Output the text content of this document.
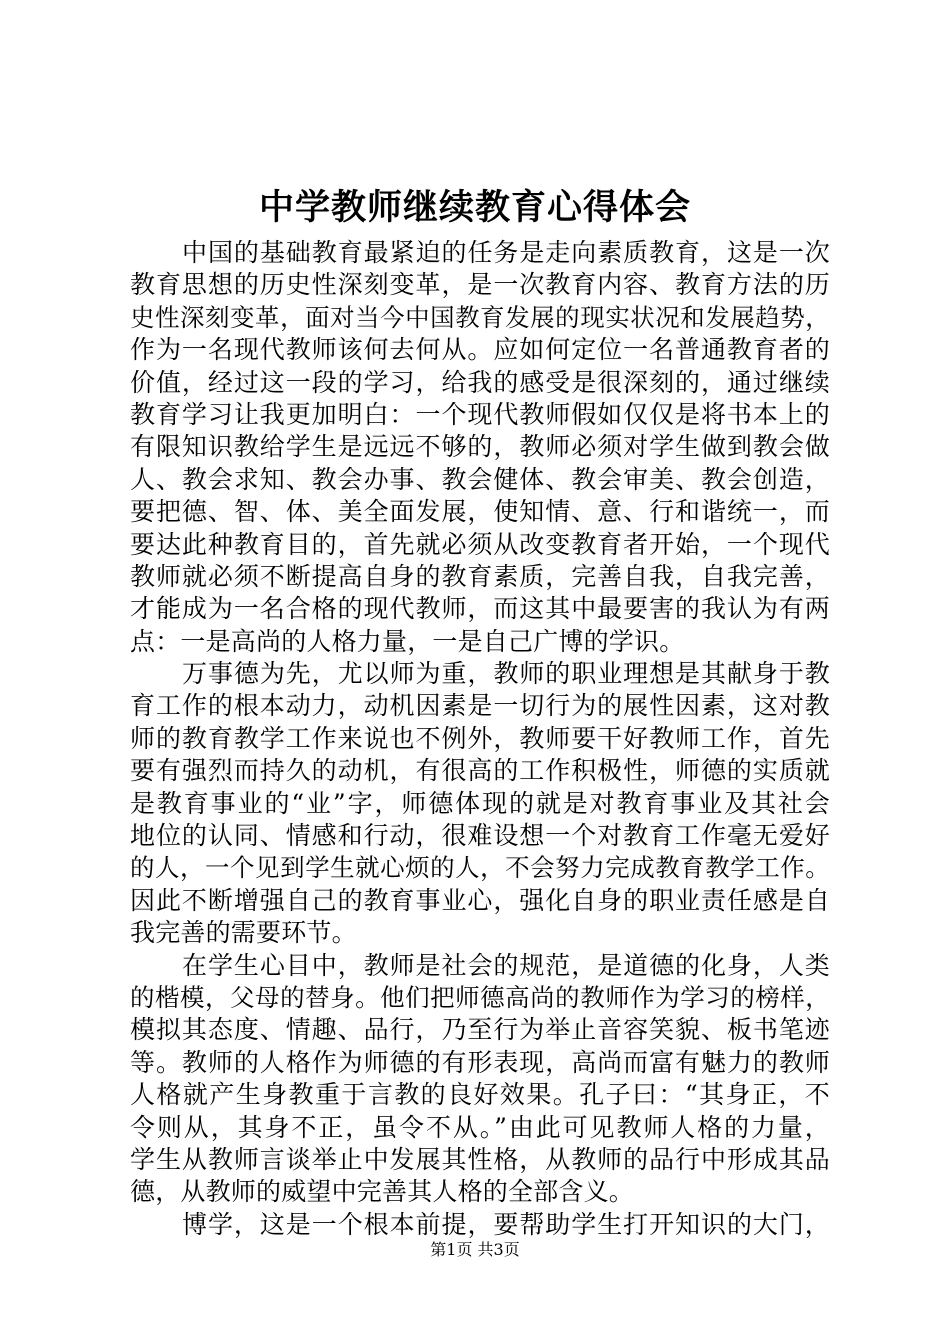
中学教师继续教育心得体会
中国的基础教育最紧迫的任务是走向素质教育，这是一次
教育思想的历史性深刻变革，是一次教育内容、教育方法的历
史性深刻变革，面对当今中国教育发展的现实状况和发展趋势，
作为一名现代教师该何去何从。应如何定位一名普通教育者的
价值，经过这一段的学习，给我的感受是很深刻的，通过继续
教育学习让我更加明白：一个现代教师假如仅仅是将书本上的
有限知识教给学生是远远不够的，教师必须对学生做到教会做
人、教会求知、教会办事、教会健体、教会审美、教会创造，
要把德、智、体、美全面发展，使知情、意、行和谐统一，而
要达此种教育目的，首先就必须从改变教育者开始，一个现代
教师就必须不断提高自身的教育素质，完善自我，自我完善，
才能成为一名合格的现代教师，而这其中最要害的我认为有两
点：一是高尚的人格力量，一是自己广博的学识。
万事德为先，尤以师为重，教师的职业理想是其献身于教
育工作的根本动力，动机因素是一切行为的展性因素，这对教
师的教育教学工作来说也不例外，教师要干好教师工作，首先
要有强烈而持久的动机，有很高的工作积极性，师德的实质就
是教育事业的“业”字，师德体现的就是对教育事业及其社会
地位的认同、情感和行动，很难设想一个对教育工作毫无爱好
的人，一个见到学生就心烦的人，不会努力完成教育教学工作。
因此不断增强自己的教育事业心，强化自身的职业责任感是自
我完善的需要环节。
在学生心目中，教师是社会的规范，是道德的化身，人类
的楷模，父母的替身。他们把师德高尚的教师作为学习的榜样，
模拟其态度、情趣、品行，乃至行为举止音容笑貌、板书笔迹
等。教师的人格作为师德的有形表现，高尚而富有魅力的教师
人格就产生身教重于言教的良好效果。孔子曰：“其身正，不
令则从，其身不正，虽令不从。”由此可见教师人格的力量，
学生从教师言谈举止中发展其性格，从教师的品行中形成其品
德，从教师的威望中完善其人格的全部含义。
博学，这是一个根本前提，要帮助学生打开知识的大门，
第1页 共3页
